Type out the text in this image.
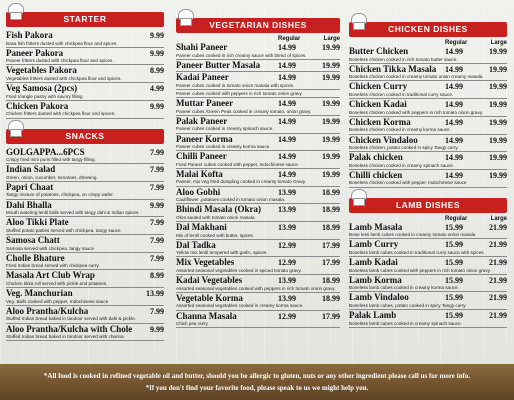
STARTER
Fish Pakora	9.99
Basa fish fritters dusted with chickpea flour and spices.
Paneer Pakora	9.99
Paneer fritters dusted with chickpea flour and spices.
Vegetables Pakora	8.99
Vegetables fritters dusted with chickpea flour and spices.
Veg Samosa (2pcs)	4.99
Fried triangle pastry with savory filling
Chicken Pakora	9.99
Chicken fritters dusted with chickpea flour and spices.
SNACKS
GOLGAPPA...6PCS	7.99
Crispy fried mini puris filled with tangy filling.
Indian Salad	7.99
Green, onion, cucumber, tomatoes, dressing.
Papri Chaat	7.99
Tangy mixture of potatoes, chickpea, on crispy wafer.
Dahi Bhalla	9.99
Mouth watering lentil balls served with tangy dahi & Indian spices.
Aloo Tikki Plate	7.99
Stuffed potato patties served with chickpea, tangy sauce.
Samosa Chatt	7.99
Samosa served with chickpea, tangy sauce
Cholle Bhature	7.99
Fried Indian bread served with chickpea curry.
Masala Art Club Wrap	8.99
Chicken tikka roll served with pickle and potatoes.
Veg. Manchurian	13.99
Veg. Balls cooked with pepper, Indochinese sauce
Aloo Prantha/Kulcha	7.99
Stuffed Indian bread baked in tandoor served with dahi & pickle.
Aloo Prantha/Kulcha with Chole	9.99
Stuffed Indian bread baked in tandoor served with channa
VEGETARIAN DISHES
Regular	Large
Shahi Paneer	14.99	19.99
Paneer cubes cooked in rich creamy sauce with blend of spices.
Paneer Butter Masala	14.99	19.99
Kadai Paneer	14.99	19.99
Paneer cubes cooked in tomato onion masala with spices.
Paneer cubes cooked with peppers in rich tomato onion gravy.
Muttar Paneer	14.99	19.99
Paneer cubes /Green Peas cooked in creamy tomato, onion gravy.
Palak Paneer	14.99	19.99
Paneer cubes cooked in creamy spinach sauce.
Paneer Korma	14.99	19.99
Paneer cubes cooked in creamy korma sauce.
Chilli Paneer	14.99	19.99
Fried Paneer cubes cooked with pepper, Indochinese sauce.
Malai Kofta	14.99	19.99
Paneer, mix veg fried dumpling cooked in creamy tomato Gravy.
Aloo Gobhi	13.99	18.99
Cauliflower ,potatoes cooked in tomato onion masala.
Bhindi Masala (Okra)	13.99	18.99
Okra sauted with tomato onion masala.
Dal Makhani	13.99	18.99
Mix of lentil cooked with butter, spices.
Dal Tadka	12.99	17.99
Yellow mix lentil tempered with garlic, spices.
Mix Vegetables	12.99	17.99
Assorted seasonal vegetables cooked in spiced tomato gravy.
Kadai Vegetables	13.99	18.99
Assorted seasonal vegetables cooked with peppers in rich tomato onion gravy.
Vegetable Korma	13.99	18.99
Assorted seasonal vegetables cooked in creamy korma sauce.
Channa Masala	12.99	17.99
Chick pea curry
CHICKEN DISHES
Regular	Large
Butter Chicken	14.99	19.99
Boneless chicken cooked in rich tomato butter sauce.
Chicken Tikka Masala	14.99	19.99
Boneless chicken cooked in creamy tomato onion creamy masala.
Chicken Curry	14.99	19.99
Boneless chicken cooked in traditional curry sauce.
Chicken Kadai	14.99	19.99
Boneless chicken cooked with peppers in rich tomato onion gravy.
Chicken Korma	14.99	19.99
Boneless chicken cooked in creamy korma sauce.
Chicken Vindaloo	14.99	19.99
Boneless chicken, potato cooked in spicy Tangy curry.
Palak chicken	14.99	19.99
Boneless chicken cooked in creamy spinach sauce.
Chilli chicken	14.99	19.99
Boneless chicken cooked with pepper, Indochinese sauce
LAMB DISHES
Regular	Large
Lamb Masala	15.99	21.99
Bone less lamb cubes cooked in creamy tomato onion masala.
Lamb Curry	15.99	21.99
Boneless lamb cubes cooked in traditional curry sauce with spices.
Lamb Kadai	15.99	21.99
Boneless lamb cubes cooked with peppers in rich tomato onion gravy.
Lamb Korma	15.99	21.99
Boneless lamb cubes cooked in creamy korma sauce.
Lamb Vindaloo	15.99	21.99
Boneless lamb cubes, potato cooked in spicy Tangy curry.
Palak Lamb	15.99	21.99
Boneless lamb cubes cooked in creamy spinach sauce.
*All food is cooked in refined vegetable oil and butter, should you be allergic to gluten, nuts or any other ingredient please call us for more info.
*If you don't find your favorite food, please speak to us we might help you.
